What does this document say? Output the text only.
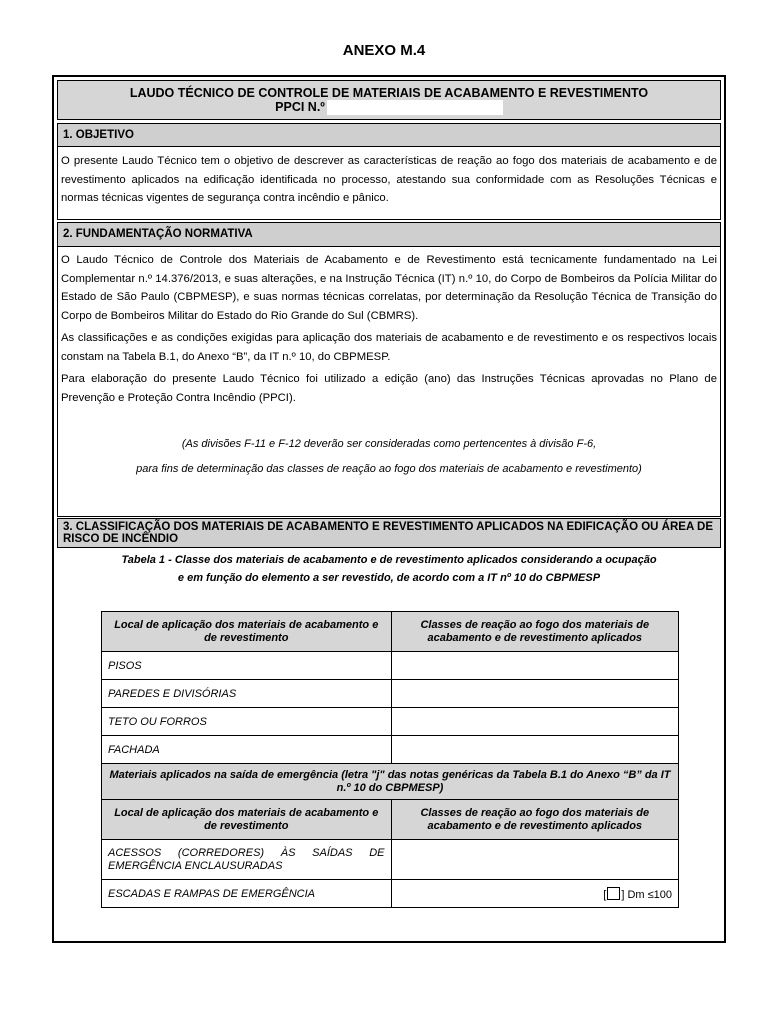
ANEXO M.4
LAUDO TÉCNICO DE CONTROLE DE MATERIAIS DE ACABAMENTO E REVESTIMENTO
PPCI N.º
1. OBJETIVO

O presente Laudo Técnico tem o objetivo de descrever as características de reação ao fogo dos materiais de acabamento e de revestimento aplicados na edificação identificada no processo, atestando sua conformidade com as Resoluções Técnicas e normas técnicas vigentes de segurança contra incêndio e pânico.

2. FUNDAMENTAÇÃO NORMATIVA

O Laudo Técnico de Controle dos Materiais de Acabamento e de Revestimento está tecnicamente fundamentado na Lei Complementar n.º 14.376/2013, e suas alterações, e na Instrução Técnica (IT) n.º 10, do Corpo de Bombeiros da Polícia Militar do Estado de São Paulo (CBPMESP), e suas normas técnicas correlatas, por determinação da Resolução Técnica de Transição do Corpo de Bombeiros Militar do Estado do Rio Grande do Sul (CBMRS).

As classificações e as condições exigidas para aplicação dos materiais de acabamento e de revestimento e os respectivos locais constam na Tabela B.1, do Anexo “B”, da IT n.º 10, do CBPMESP.

Para elaboração do presente Laudo Técnico foi utilizado a edição (ano) das Instruções Técnicas aprovadas no Plano de Prevenção e Proteção Contra Incêndio (PPCI).

(As divisões F-11 e F-12 deverão ser consideradas como pertencentes à divisão F-6,

para fins de determinação das classes de reação ao fogo dos materiais de acabamento e revestimento)

3. CLASSIFICAÇÃO DOS MATERIAIS DE ACABAMENTO E REVESTIMENTO APLICADOS NA EDIFICAÇÃO OU ÁREA DE RISCO DE INCÊNDIO
Tabela 1 - Classe dos materiais de acabamento e de revestimento aplicados considerando a ocupação
e em função do elemento a ser revestido, de acordo com a IT nº 10 do CBPMESP
Local de aplicação dos materiais de acabamento e de revestimento	Classes de reação ao fogo dos materiais de acabamento e de revestimento aplicados
PISOS	
PAREDES E DIVISÓRIAS	
TETO OU FORROS	
FACHADA	
Materiais aplicados na saída de emergência (letra "j" das notas genéricas da Tabela B.1 do Anexo “B” da IT n.º 10 do CBPMESP)	
Local de aplicação dos materiais de acabamento e de revestimento	Classes de reação ao fogo dos materiais de acabamento e de revestimento aplicados
ACESSOS (CORREDORES) ÀS SAÍDAS DE EMERGÊNCIA ENCLAUSURADAS	
ESCADAS E RAMPAS DE EMERGÊNCIA	[ ] Dm ≤100
